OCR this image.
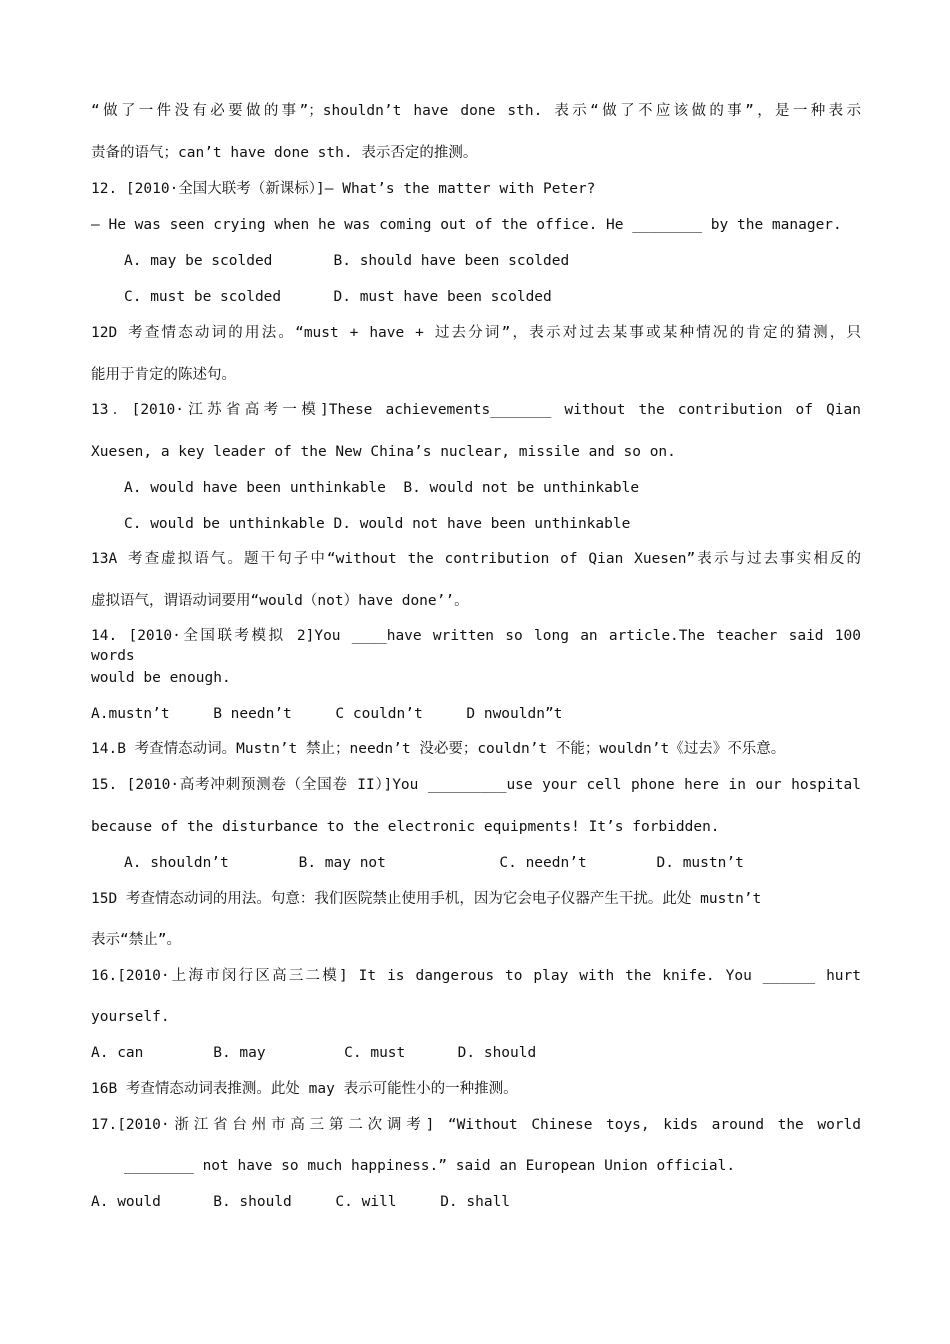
“做了一件没有必要做的事”；shouldn’t have done sth. 表示“做了不应该做的事”，是一种表示
责备的语气；can’t have done sth. 表示否定的推测。
12. [2010·全国大联考（新课标）]— What’s the matter with Peter?
— He was seen crying when he was coming out of the office. He ________ by the manager.
A. may be scolded       B. should have been scolded
C. must be scolded      D. must have been scolded
12D 考查情态动词的用法。“must + have + 过去分词”，表示对过去某事或某种情况的肯定的猜测，只
能用于肯定的陈述句。
13．[2010·江苏省高考一模]These achievements_______ without the contribution of Qian
Xuesen, a key leader of the New China’s nuclear, missile and so on.
A. would have been unthinkable  B. would not be unthinkable
C. would be unthinkable D. would not have been unthinkable
13A 考查虚拟语气。题干句子中“without the contribution of Qian Xuesen”表示与过去事实相反的
虚拟语气，谓语动词要用“would（not）have done’’。
14. [2010·全国联考模拟 2]You ____have written so long an article.The teacher said 100 words
would be enough.
A.mustn’t     B needn’t     C couldn’t     D nwouldn”t
14.B 考查情态动词。Mustn’t 禁止；needn’t 没必要；couldn’t 不能；wouldn’t《过去》不乐意。
15. [2010·高考冲刺预测卷（全国卷 II）]You _________use your cell phone here in our hospital
because of the disturbance to the electronic equipments! It’s forbidden.
A. shouldn’t        B. may not             C. needn’t        D. mustn’t
15D 考查情态动词的用法。句意：我们医院禁止使用手机，因为它会电子仪器产生干扰。此处 mustn’t
表示“禁止”。
16.[2010·上海市闵行区高三二模] It is dangerous to play with the knife. You ______ hurt
yourself.
A. can        B. may         C. must      D. should
16B 考查情态动词表推测。此处 may 表示可能性小的一种推测。
17.[2010·浙江省台州市高三第二次调考] “Without Chinese toys, kids around the world
________ not have so much happiness.” said an European Union official.
A. would      B. should     C. will     D. shall
